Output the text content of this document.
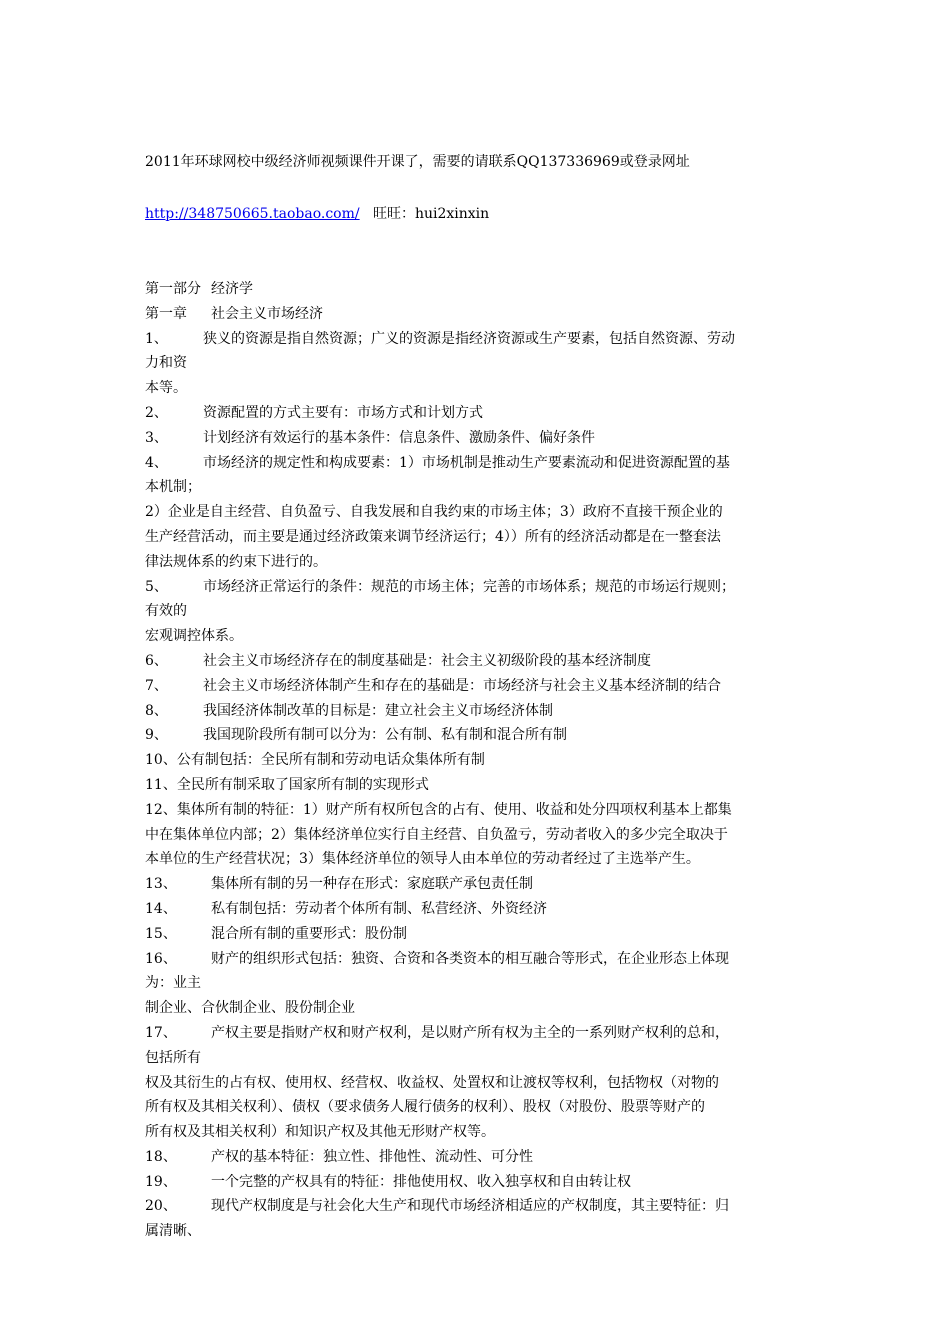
2011年环球网校中级经济师视频课件开课了，需要的请联系QQ137336969或登录网址
http://348750665.taobao.com/ 旺旺：hui2xinxin
第一部分 经济学
第一章 社会主义市场经济
1、	狭义的资源是指自然资源；广义的资源是指经济资源或生产要素，包括自然资源、劳动
力和资
本等。
2、	资源配置的方式主要有：市场方式和计划方式
3、	计划经济有效运行的基本条件：信息条件、激励条件、偏好条件
4、	市场经济的规定性和构成要素：1）市场机制是推动生产要素流动和促进资源配置的基
本机制；
2）企业是自主经营、自负盈亏、自我发展和自我约束的市场主体；3）政府不直接干预企业的
生产经营活动，而主要是通过经济政策来调节经济运行；4））所有的经济活动都是在一整套法
律法规体系的约束下进行的。
5、	市场经济正常运行的条件：规范的市场主体；完善的市场体系；规范的市场运行规则；
有效的
宏观调控体系。
6、	社会主义市场经济存在的制度基础是：社会主义初级阶段的基本经济制度
7、	社会主义市场经济体制产生和存在的基础是：市场经济与社会主义基本经济制的结合
8、	我国经济体制改革的目标是：建立社会主义市场经济体制
9、	我国现阶段所有制可以分为：公有制、私有制和混合所有制
10、公有制包括：全民所有制和劳动电话众集体所有制
11、全民所有制采取了国家所有制的实现形式
12、集体所有制的特征：1）财产所有权所包含的占有、使用、收益和处分四项权利基本上都集
中在集体单位内部；2）集体经济单位实行自主经营、自负盈亏，劳动者收入的多少完全取决于
本单位的生产经营状况；3）集体经济单位的领导人由本单位的劳动者经过了主选举产生。
13、 集体所有制的另一种存在形式：家庭联产承包责任制
14、 私有制包括：劳动者个体所有制、私营经济、外资经济
15、 混合所有制的重要形式：股份制
16、 财产的组织形式包括：独资、合资和各类资本的相互融合等形式，在企业形态上体现
为：业主
制企业、合伙制企业、股份制企业
17、 产权主要是指财产权和财产权利，是以财产所有权为主全的一系列财产权利的总和，
包括所有
权及其衍生的占有权、使用权、经营权、收益权、处置权和让渡权等权利，包括物权（对物的
所有权及其相关权利）、债权（要求债务人履行债务的权利）、股权（对股份、股票等财产的
所有权及其相关权利）和知识产权及其他无形财产权等。
18、 产权的基本特征：独立性、排他性、流动性、可分性
19、 一个完整的产权具有的特征：排他使用权、收入独享权和自由转让权
20、 现代产权制度是与社会化大生产和现代市场经济相适应的产权制度，其主要特征：归
属清晰、
